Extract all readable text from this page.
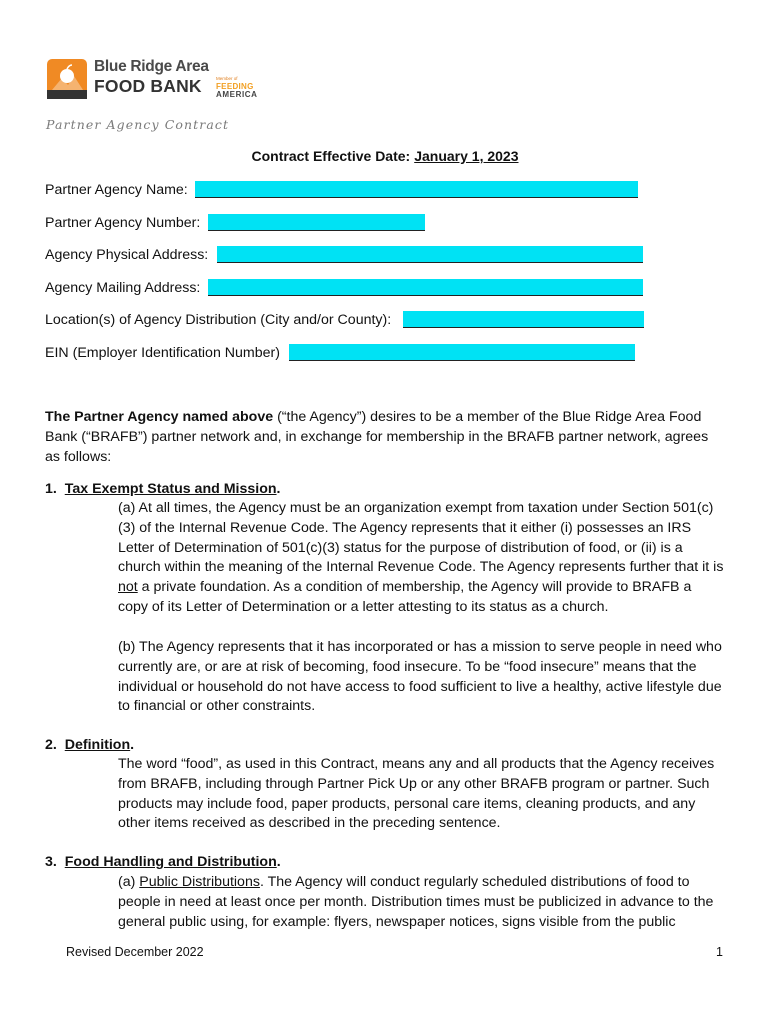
Blue Ridge Area
FOOD BANK	Member of
FEEDING
AMERICA
Partner Agency Contract
Contract Effective Date: January 1, 2023
Partner Agency Name:
Partner Agency Number:
Agency Physical Address:
Agency Mailing Address:
Location(s) of Agency Distribution (City and/or County):
EIN (Employer Identification Number)
The Partner Agency named above (“the Agency”) desires to be a member of the Blue Ridge Area Food Bank (“BRAFB”) partner network and, in exchange for membership in the BRAFB partner network, agrees as follows:
1. Tax Exempt Status and Mission.
(a) At all times, the Agency must be an organization exempt from taxation under Section 501(c)(3) of the Internal Revenue Code. The Agency represents that it either (i) possesses an IRS Letter of Determination of 501(c)(3) status for the purpose of distribution of food, or (ii) is a church within the meaning of the Internal Revenue Code. The Agency represents further that it is not a private foundation. As a condition of membership, the Agency will provide to BRAFB a copy of its Letter of Determination or a letter attesting to its status as a church.
(b) The Agency represents that it has incorporated or has a mission to serve people in need who currently are, or are at risk of becoming, food insecure. To be “food insecure” means that the individual or household do not have access to food sufficient to live a healthy, active lifestyle due to financial or other constraints.
2. Definition.
The word “food”, as used in this Contract, means any and all products that the Agency receives from BRAFB, including through Partner Pick Up or any other BRAFB program or partner. Such products may include food, paper products, personal care items, cleaning products, and any other items received as described in the preceding sentence.
3. Food Handling and Distribution.
(a) Public Distributions. The Agency will conduct regularly scheduled distributions of food to people in need at least once per month. Distribution times must be publicized in advance to the general public using, for example: flyers, newspaper notices, signs visible from the public
Revised December 2022	1
